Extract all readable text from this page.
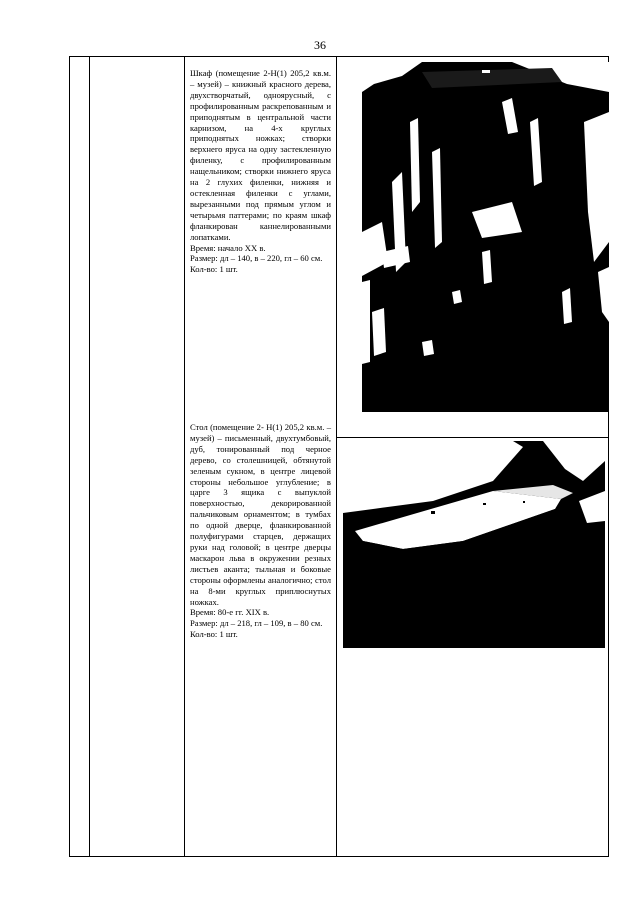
36

Шкаф (помещение 2-Н(1) 205,2 кв.м. – музей) – книжный красного дерева, двухстворчатый, одноярусный, с профилированным раскрепованным и приподнятым в центральной части карнизом, на 4-х круглых приподнятых ножках; створки верхнего яруса на одну застекленную филенку, с профилированным нащельником; створки нижнего яруса на 2 глухих филенки, нижняя и остекленная филенки с углами, вырезанными под прямым углом и четырьмя паттерами; по краям шкаф фланкирован каннелированными лопатками.

Время: начало XX в.

Размер: дл – 140, в – 220, гл – 60 см.

Кол-во: 1 шт.

Стол (помещение 2- Н(1) 205,2 кв.м. – музей) – письменный, двухтумбовый, дуб, тонированный под черное дерево, со столешницей, обтянутой зеленым сукном, в центре лицевой стороны небольшое углубление; в царге 3 ящика с выпуклой поверхностью, декорированной пальчиковым орнаментом; в тумбах по одной дверце, фланкированной полуфигурами старцев, держащих руки над головой; в центре дверцы маскарон льва в окружении резных листьев аканта; тыльная и боковые стороны оформлены аналогично; стол на 8-ми круглых приплюснутых ножках.

Время: 80-е гг. XIX в.

Размер: дл – 218, гл – 109, в – 80 см.

Кол-во: 1 шт.
